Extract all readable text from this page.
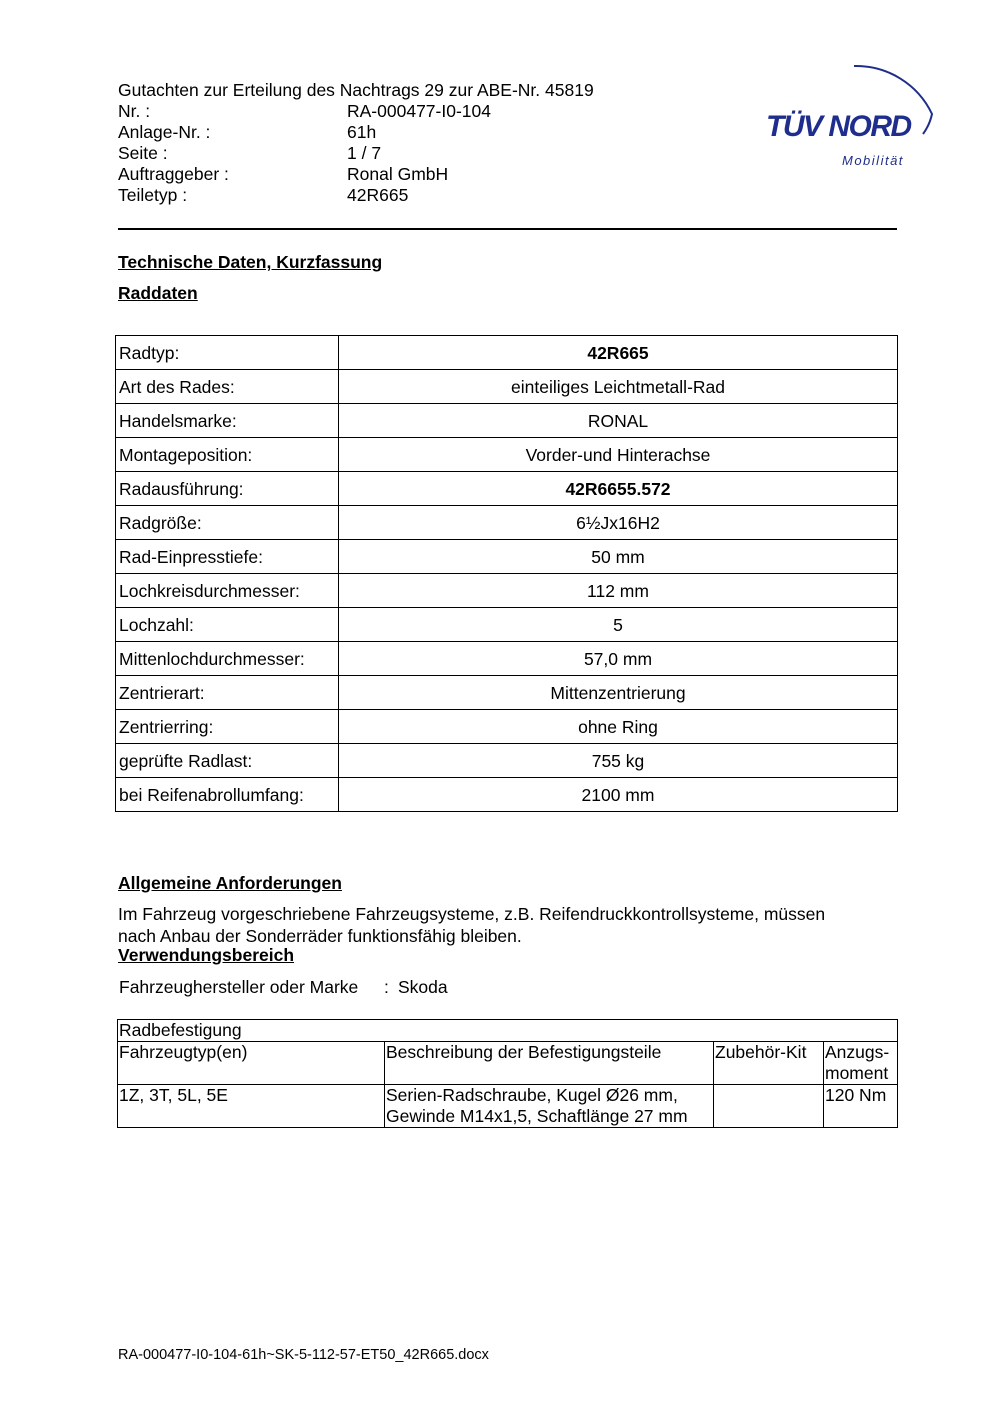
Gutachten zur Erteilung des Nachtrags 29 zur ABE-Nr. 45819
Nr. :	RA-000477-I0-104
Anlage-Nr. :	61h
Seite :	1 / 7
Auftraggeber :	Ronal GmbH
Teiletyp :	42R665
TÜV NORD
Mobilität
Technische Daten, Kurzfassung
Raddaten
Radtyp:	42R665
Art des Rades:	einteiliges Leichtmetall-Rad
Handelsmarke:	RONAL
Montageposition:	Vorder-und Hinterachse
Radausführung:	42R6655.572
Radgröße:	6½Jx16H2
Rad-Einpresstiefe:	50 mm
Lochkreisdurchmesser:	112 mm
Lochzahl:	5
Mittenlochdurchmesser:	57,0 mm
Zentrierart:	Mittenzentrierung
Zentrierring:	ohne Ring
geprüfte Radlast:	755 kg
bei Reifenabrollumfang:	2100 mm
Allgemeine Anforderungen
Im Fahrzeug vorgeschriebene Fahrzeugsysteme, z.B. Reifendruckkontrollsysteme, müssen
nach Anbau der Sonderräder funktionsfähig bleiben.
Verwendungsbereich
Fahrzeughersteller oder Marke : Skoda
Radbefestigung			
Fahrzeugtyp(en)	Beschreibung der Befestigungsteile	Zubehör-Kit	Anzugs-
moment

1Z, 3T, 5L, 5E	Serien-Radschraube, Kugel Ø26 mm,
Gewinde M14x1,5, Schaftlänge 27 mm		120 Nm
RA-000477-I0-104-61h~SK-5-112-57-ET50_42R665.docx
